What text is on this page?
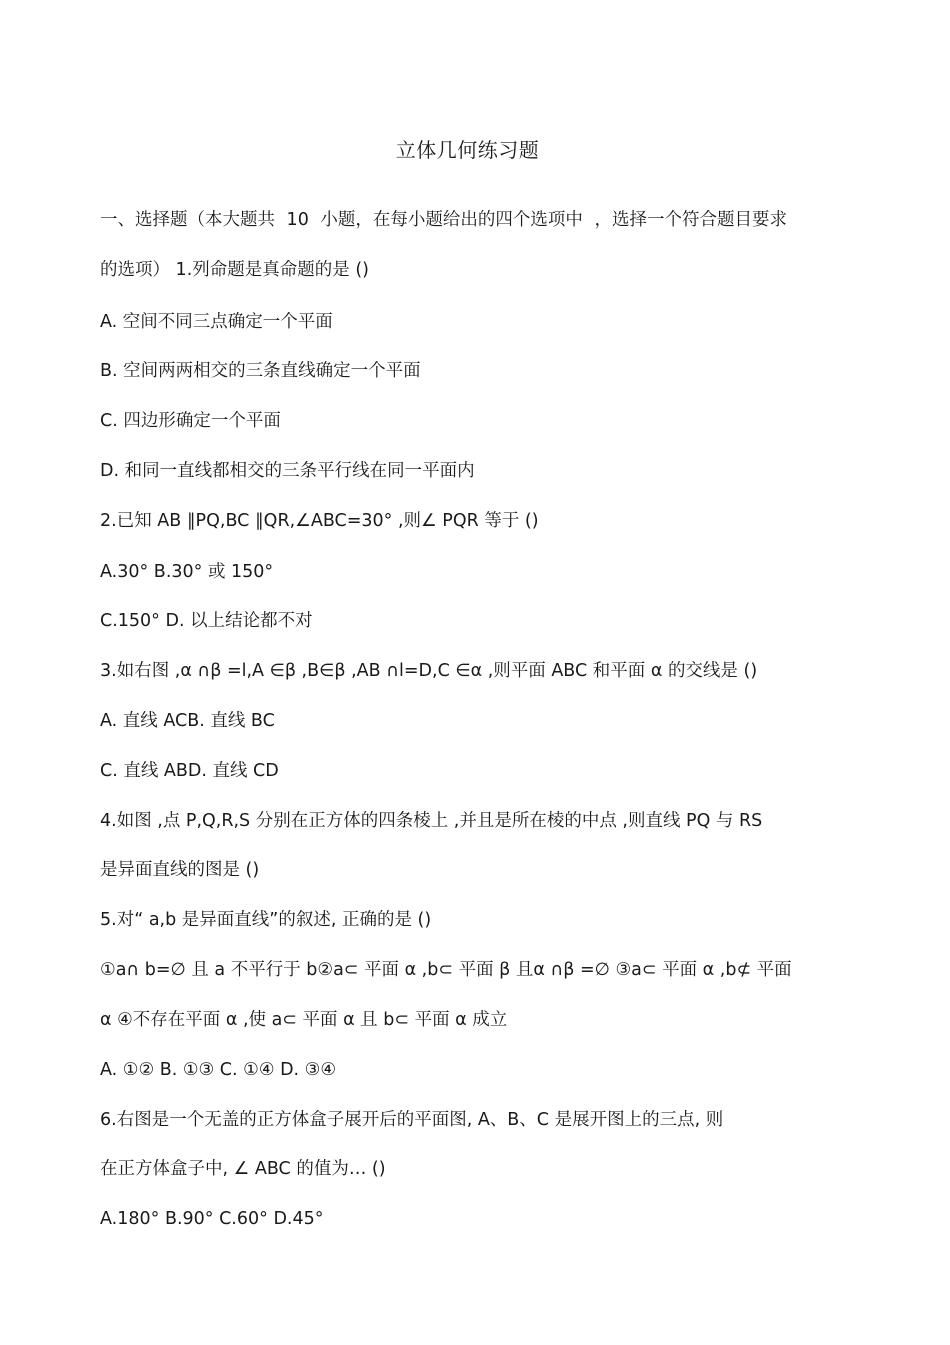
立体几何练习题
一、选择题（本大题共 10 小题，在每小题给出的四个选项中 ，选择一个符合题目要求
的选项） 1.列命题是真命题的是 ()
A. 空间不同三点确定一个平面
B. 空间两两相交的三条直线确定一个平面
C. 四边形确定一个平面
D. 和同一直线都相交的三条平行线在同一平面内
2.已知 AB ∥PQ,BC ∥QR,∠ABC=30° ,则∠ PQR 等于 ()
A.30° B.30° 或 150°
C.150° D. 以上结论都不对
3.如右图 ,α ∩β =l,A ∈β ,B∈β ,AB ∩l=D,C ∈α ,则平面 ABC 和平面 α 的交线是 ()
A. 直线 ACB. 直线 BC
C. 直线 ABD. 直线 CD
4.如图 ,点 P,Q,R,S 分别在正方体的四条棱上 ,并且是所在棱的中点 ,则直线 PQ 与 RS
是异面直线的图是 ()
5.对“ a,b 是异面直线”的叙述, 正确的是 ()
①a∩ b=∅ 且 a 不平行于 b②a⊂ 平面 α ,b⊂ 平面 β 且α ∩β =∅ ③a⊂ 平面 α ,b⊄ 平面
α ④不存在平面 α ,使 a⊂ 平面 α 且 b⊂ 平面 α 成立
A. ①② B. ①③ C. ①④ D. ③④
6.右图是一个无盖的正方体盒子展开后的平面图, A、B、C 是展开图上的三点, 则
在正方体盒子中, ∠ ABC 的值为… ()
A.180° B.90° C.60° D.45°
